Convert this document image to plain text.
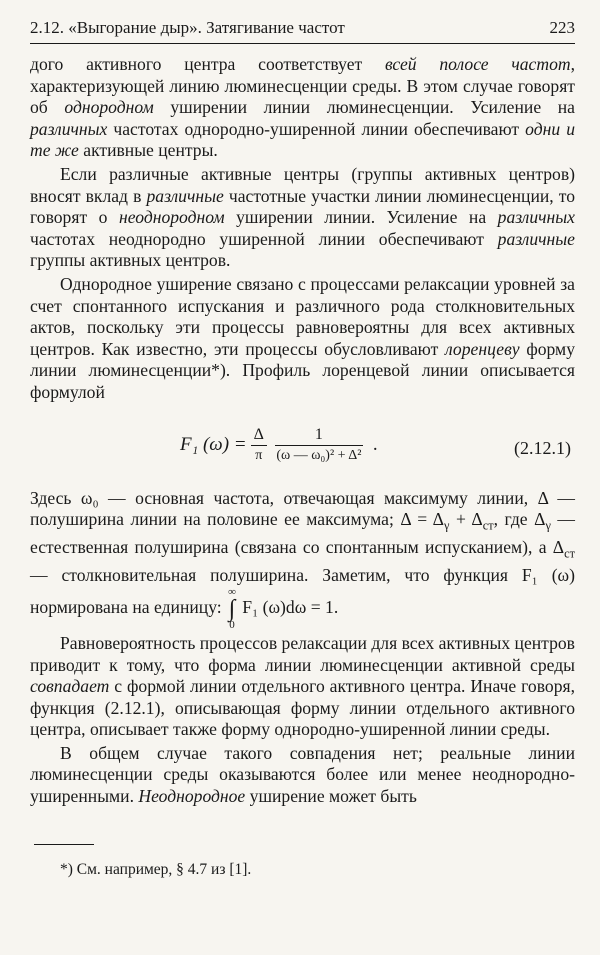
2.12. «Выгорание дыр». Затягивание частот	223

дого активного центра соответствует всей полосе частот, характеризующей линию люминесценции среды. В этом случае говорят об однородном уширении линии люминесценции. Усиление на различных частотах однородно-уширенной линии обеспечивают одни и те же активные центры.

Если различные активные центры (группы активных центров) вносят вклад в различные частотные участки линии люминесценции, то говорят о неоднородном уширении линии. Усиление на различных частотах неоднородно уширенной линии обеспечивают различные группы активных центров.

Однородное уширение связано с процессами релаксации уровней за счет спонтанного испускания и различного рода столкновительных актов, поскольку эти процессы равновероятны для всех активных центров. Как известно, эти процессы обусловливают лоренцеву форму линии люминесценции*). Профиль лоренцевой линии описывается формулой

F₁ $(\omega) = \frac{\Delta}{\pi} \frac{1}{\text{(ω — ω₀)² + Δ²}}$ .	(2.12.1)

Здесь ω₀ — основная частота, отвечающая максимуму линии, Δ — полуширина линии на половине ее максимума; $\Delta = \Delta_\gamma + \Delta_{ст}$, где $\Delta_\gamma$ — естественная полуширина (связана со спонтанным испусканием), а $\Delta_{ст}$ — столкновительная полуширина. Заметим, что функция F₁ (ω) нормирована на единицу:
∞
∫
0
F₁ (ω)dω = 1.

Равновероятность процессов релаксации для всех активных центров приводит к тому, что форма линии люминесценции активной среды совпадает с формой линии отдельного активного центра. Иначе говоря, функция (2.12.1), описывающая форму линии отдельного активного центра, описывает также форму однородно-уширенной линии среды.

В общем случае такого совпадения нет; реальные линии люминесценции среды оказываются более или менее неоднородно-уширенными. Неоднородное уширение может быть

*) См. например, § 4.7 из [1].
